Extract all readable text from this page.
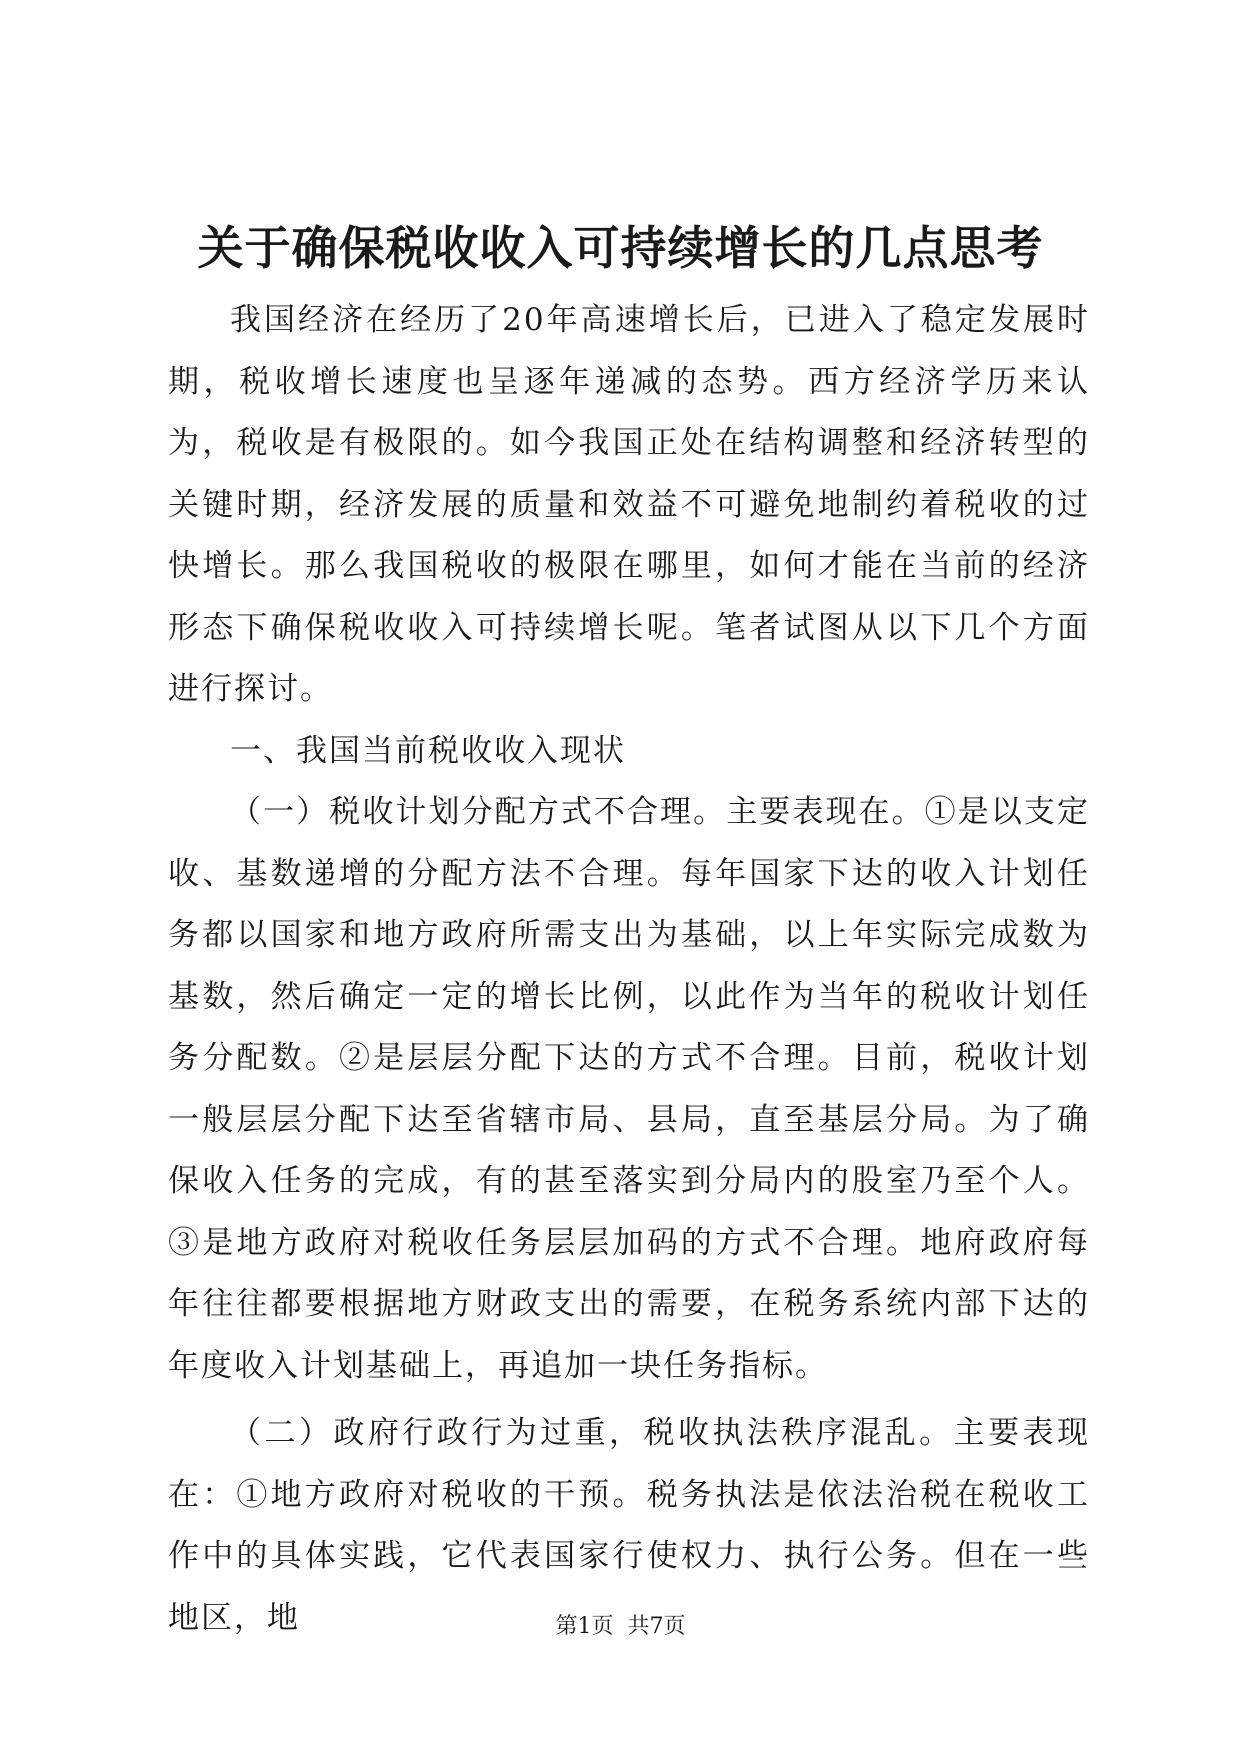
关于确保税收收入可持续增长的几点思考

我国经济在经历了20年高速增长后，已进入了稳定发展时期，税收增长速度也呈逐年递减的态势。西方经济学历来认为，税收是有极限的。如今我国正处在结构调整和经济转型的关键时期，经济发展的质量和效益不可避免地制约着税收的过快增长。那么我国税收的极限在哪里，如何才能在当前的经济形态下确保税收收入可持续增长呢。笔者试图从以下几个方面进行探讨。

一、我国当前税收收入现状

（一）税收计划分配方式不合理。主要表现在。①是以支定收、基数递增的分配方法不合理。每年国家下达的收入计划任务都以国家和地方政府所需支出为基础，以上年实际完成数为基数，然后确定一定的增长比例，以此作为当年的税收计划任务分配数。②是层层分配下达的方式不合理。目前，税收计划一般层层分配下达至省辖市局、县局，直至基层分局。为了确保收入任务的完成，有的甚至落实到分局内的股室乃至个人。③是地方政府对税收任务层层加码的方式不合理。地府政府每年往往都要根据地方财政支出的需要，在税务系统内部下达的年度收入计划基础上，再追加一块任务指标。

（二）政府行政行为过重，税收执法秩序混乱。主要表现在：①地方政府对税收的干预。税务执法是依法治税在税收工作中的具体实践，它代表国家行使权力、执行公务。但在一些地区，地	第1页 共7页
